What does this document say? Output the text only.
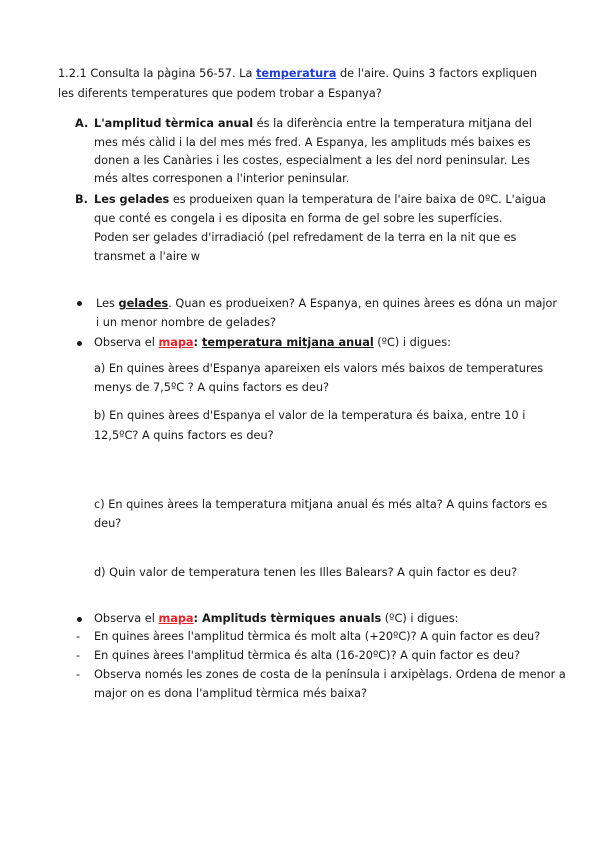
1.2.1 Consulta la pàgina 56-57. La temperatura de l'aire. Quins 3 factors expliquen
les diferents temperatures que podem trobar a Espanya?
A. L'amplitud tèrmica anual és la diferència entre la temperatura mitjana del
mes més càlid i la del mes més fred. A Espanya, les amplituds més baixes es
donen a les Canàries i les costes, especialment a les del nord peninsular. Les
més altes corresponen a l'interior peninsular.
B. Les gelades es produeixen quan la temperatura de l'aire baixa de 0ºC. L'aigua
que conté es congela i es diposita en forma de gel sobre les superfícies.
Poden ser gelades d'irradiació (pel refredament de la terra en la nit que es
transmet a l'aire w
Les gelades. Quan es produeixen? A Espanya, en quines àrees es dóna un major
i un menor nombre de gelades?
Observa el mapa: temperatura mitjana anual (ºC) i digues:
a) En quines àrees d'Espanya apareixen els valors més baixos de temperatures
menys de 7,5ºC ? A quins factors es deu?
b) En quines àrees d'Espanya el valor de la temperatura és baixa, entre 10 i
12,5ºC? A quins factors es deu?
c) En quines àrees la temperatura mitjana anual és més alta? A quins factors es
deu?
d) Quin valor de temperatura tenen les Illes Balears? A quin factor es deu?
Observa el mapa: Amplituds tèrmiques anuals (ºC) i digues:
- En quines àrees l'amplitud tèrmica és molt alta (+20ºC)? A quin factor es deu?
- En quines àrees l'amplitud tèrmica és alta (16-20ºC)? A quin factor es deu?
- Observa només les zones de costa de la península i arxipèlags. Ordena de menor a
major on es dona l'amplitud tèrmica més baixa?
